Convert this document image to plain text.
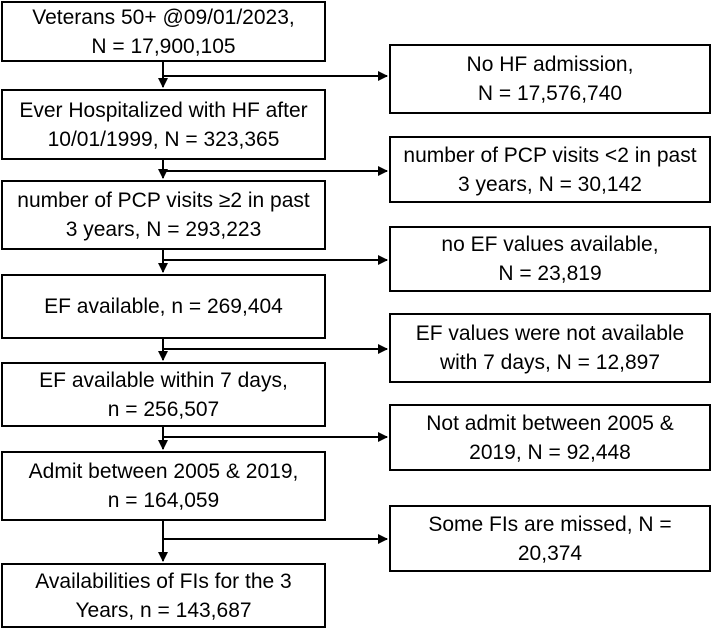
Veterans 50+ @09/01/2023,
N = 17,900,105
Ever Hospitalized with HF after
10/01/1999, N = 323,365
number of PCP visits ≥2 in past
3 years, N = 293,223
EF available, n = 269,404
EF available within 7 days,
n = 256,507
Admit between 2005 & 2019,
n = 164,059
Availabilities of FIs for the 3
Years, n = 143,687
No HF admission,
N = 17,576,740
number of PCP visits <2 in past
3 years, N = 30,142
no EF values available,
N = 23,819
EF values were not available
with 7 days, N = 12,897
Not admit between 2005 &
2019, N = 92,448
Some FIs are missed, N =
20,374
